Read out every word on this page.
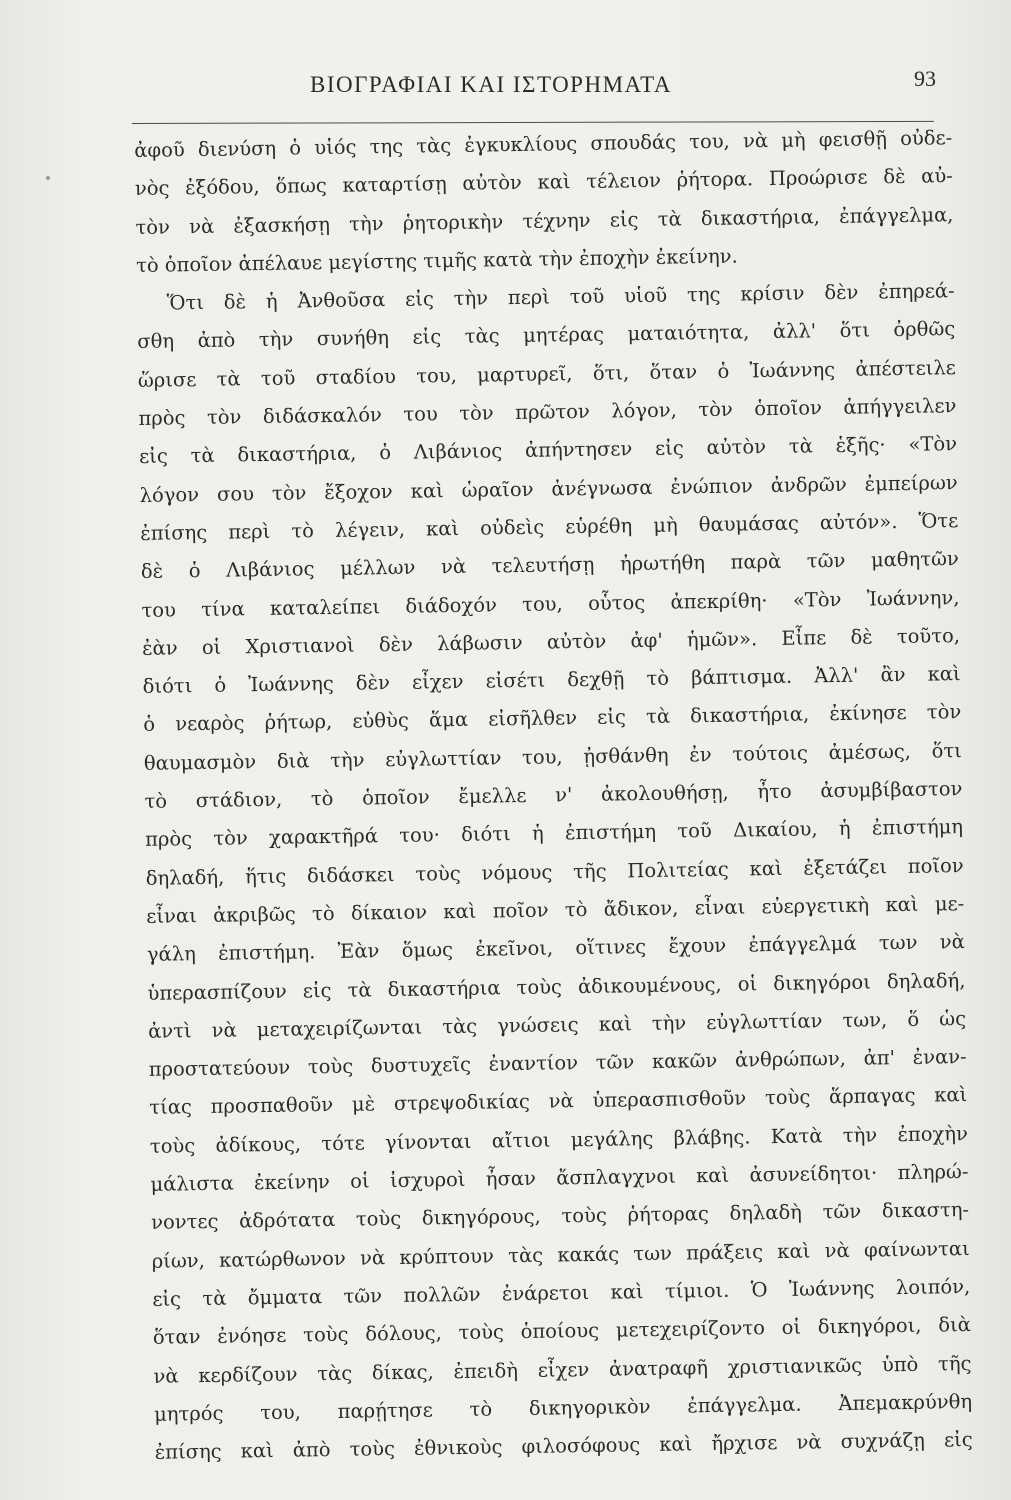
ΒΙΟΓΡΑΦΙΑΙ ΚΑΙ ΙΣΤΟΡΗΜΑΤΑ	93
ἀφοῦ διενύση ὁ υἱός της τὰς ἐγκυκλίους σπουδάς του, νὰ μὴ φεισθῇ οὐδε-
νὸς ἐξόδου, ὅπως καταρτίσῃ αὐτὸν καὶ τέλειον ῥήτορα. Προώρισε δὲ αὐ-
τὸν νὰ ἐξασκήσῃ τὴν ῥητορικὴν τέχνην εἰς τὰ δικαστήρια, ἐπάγγελμα,
τὸ ὁποῖον ἀπέλαυε μεγίστης τιμῆς κατὰ τὴν ἐποχὴν ἐκείνην.
Ὅτι δὲ ἡ Ἀνθοῦσα εἰς τὴν περὶ τοῦ υἱοῦ της κρίσιν δὲν ἐπηρεά-
σθη ἀπὸ τὴν συνήθη εἰς τὰς μητέρας ματαιότητα, ἀλλ' ὅτι ὀρθῶς
ὥρισε τὰ τοῦ σταδίου του, μαρτυρεῖ, ὅτι, ὅταν ὁ Ἰωάννης ἀπέστειλε
πρὸς τὸν διδάσκαλόν του τὸν πρῶτον λόγον, τὸν ὁποῖον ἀπήγγειλεν
εἰς τὰ δικαστήρια, ὁ Λιβάνιος ἀπήντησεν εἰς αὐτὸν τὰ ἑξῆς· «Τὸν
λόγον σου τὸν ἔξοχον καὶ ὡραῖον ἀνέγνωσα ἐνώπιον ἀνδρῶν ἐμπείρων
ἐπίσης περὶ τὸ λέγειν, καὶ οὐδεὶς εὑρέθη μὴ θαυμάσας αὐτόν». Ὅτε
δὲ ὁ Λιβάνιος μέλλων νὰ τελευτήσῃ ἠρωτήθη παρὰ τῶν μαθητῶν
του τίνα καταλείπει διάδοχόν του, οὗτος ἀπεκρίθη· «Τὸν Ἰωάννην,
ἐὰν οἱ Χριστιανοὶ δὲν λάβωσιν αὐτὸν ἀφ' ἡμῶν». Εἶπε δὲ τοῦτο,
διότι ὁ Ἰωάννης δὲν εἶχεν εἰσέτι δεχθῇ τὸ βάπτισμα. Ἀλλ' ἂν καὶ
ὁ νεαρὸς ῥήτωρ, εὐθὺς ἅμα εἰσῆλθεν εἰς τὰ δικαστήρια, ἐκίνησε τὸν
θαυμασμὸν διὰ τὴν εὐγλωττίαν του, ᾐσθάνθη ἐν τούτοις ἀμέσως, ὅτι
τὸ στάδιον, τὸ ὁποῖον ἔμελλε ν' ἀκολουθήσῃ, ἦτο ἀσυμβίβαστον
πρὸς τὸν χαρακτῆρά του· διότι ἡ ἐπιστήμη τοῦ Δικαίου, ἡ ἐπιστήμη
δηλαδή, ἥτις διδάσκει τοὺς νόμους τῆς Πολιτείας καὶ ἐξετάζει ποῖον
εἶναι ἀκριβῶς τὸ δίκαιον καὶ ποῖον τὸ ἄδικον, εἶναι εὐεργετικὴ καὶ με-
γάλη ἐπιστήμη. Ἐὰν ὅμως ἐκεῖνοι, οἵτινες ἔχουν ἐπάγγελμά των νὰ
ὑπερασπίζουν εἰς τὰ δικαστήρια τοὺς ἀδικουμένους, οἱ δικηγόροι δηλαδή,
ἀντὶ νὰ μεταχειρίζωνται τὰς γνώσεις καὶ τὴν εὐγλωττίαν των, ὅ ὡς
προστατεύουν τοὺς δυστυχεῖς ἐναντίον τῶν κακῶν ἀνθρώπων, ἀπ' ἐναν-
τίας προσπαθοῦν μὲ στρεψοδικίας νὰ ὑπερασπισθοῦν τοὺς ἅρπαγας καὶ
τοὺς ἀδίκους, τότε γίνονται αἴτιοι μεγάλης βλάβης. Κατὰ τὴν ἐποχὴν
μάλιστα ἐκείνην οἱ ἰσχυροὶ ἦσαν ἄσπλαγχνοι καὶ ἀσυνείδητοι· πληρώ-
νοντες ἀδρότατα τοὺς δικηγόρους, τοὺς ῥήτορας δηλαδὴ τῶν δικαστη-
ρίων, κατώρθωνον νὰ κρύπτουν τὰς κακάς των πράξεις καὶ νὰ φαίνωνται
εἰς τὰ ὄμματα τῶν πολλῶν ἐνάρετοι καὶ τίμιοι. Ὁ Ἰωάννης λοιπόν,
ὅταν ἐνόησε τοὺς δόλους, τοὺς ὁποίους μετεχειρίζοντο οἱ δικηγόροι, διὰ
νὰ κερδίζουν τὰς δίκας, ἐπειδὴ εἶχεν ἀνατραφῆ χριστιανικῶς ὑπὸ τῆς
μητρός του, παρῄτησε τὸ δικηγορικὸν ἐπάγγελμα. Ἀπεμακρύνθη
ἐπίσης καὶ ἀπὸ τοὺς ἐθνικοὺς φιλοσόφους καὶ ἤρχισε νὰ συχνάζῃ εἰς
